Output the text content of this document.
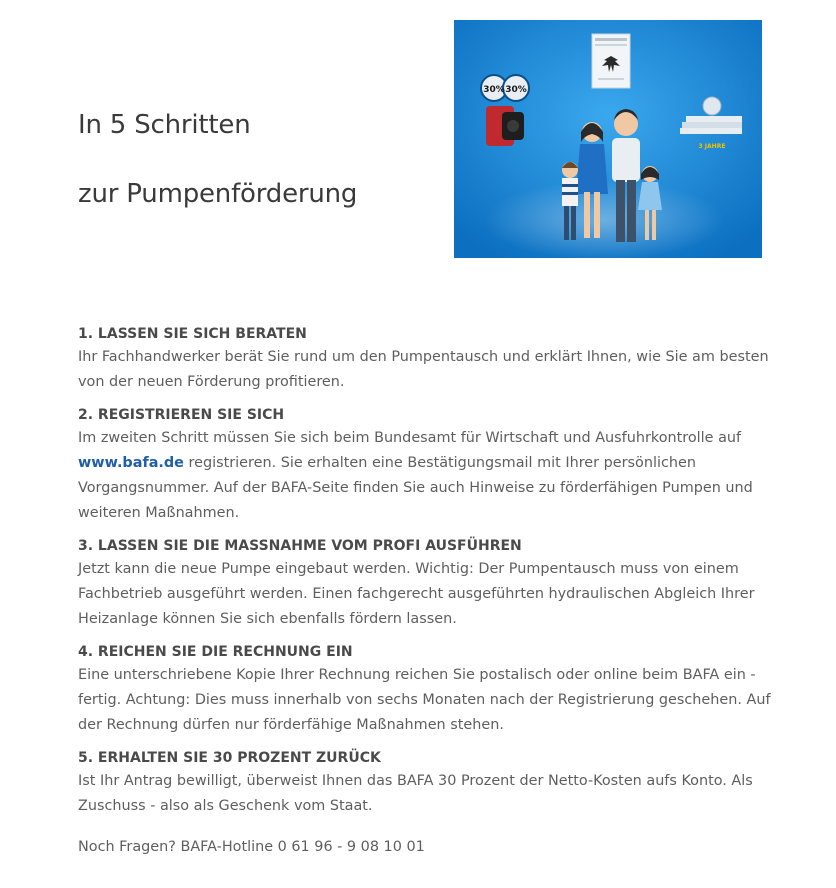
In 5 Schritten
zur Pumpenförderung
30% 30%
3 JAHRE
1. LASSEN SIE SICH BERATEN
Ihr Fachhandwerker berät Sie rund um den Pumpentausch und erklärt Ihnen, wie Sie am besten von der neuen Förderung profitieren.
2. REGISTRIEREN SIE SICH
Im zweiten Schritt müssen Sie sich beim Bundesamt für Wirtschaft und Ausfuhrkontrolle auf www.bafa.de registrieren. Sie erhalten eine Bestätigungsmail mit Ihrer persönlichen Vorgangsnummer. Auf der BAFA-Seite finden Sie auch Hinweise zu förderfähigen Pumpen und weiteren Maßnahmen.
3. LASSEN SIE DIE MASSNAHME VOM PROFI AUSFÜHREN
Jetzt kann die neue Pumpe eingebaut werden. Wichtig: Der Pumpentausch muss von einem Fachbetrieb ausgeführt werden. Einen fachgerecht ausgeführten hydraulischen Abgleich Ihrer Heizanlage können Sie sich ebenfalls fördern lassen.
4. REICHEN SIE DIE RECHNUNG EIN
Eine unterschriebene Kopie Ihrer Rechnung reichen Sie postalisch oder online beim BAFA ein - fertig. Achtung: Dies muss innerhalb von sechs Monaten nach der Registrierung geschehen. Auf der Rechnung dürfen nur förderfähige Maßnahmen stehen.
5. ERHALTEN SIE 30 PROZENT ZURÜCK
Ist Ihr Antrag bewilligt, überweist Ihnen das BAFA 30 Prozent der Netto-Kosten aufs Konto. Als Zuschuss - also als Geschenk vom Staat.
Noch Fragen? BAFA-Hotline 0 61 96 - 9 08 10 01
